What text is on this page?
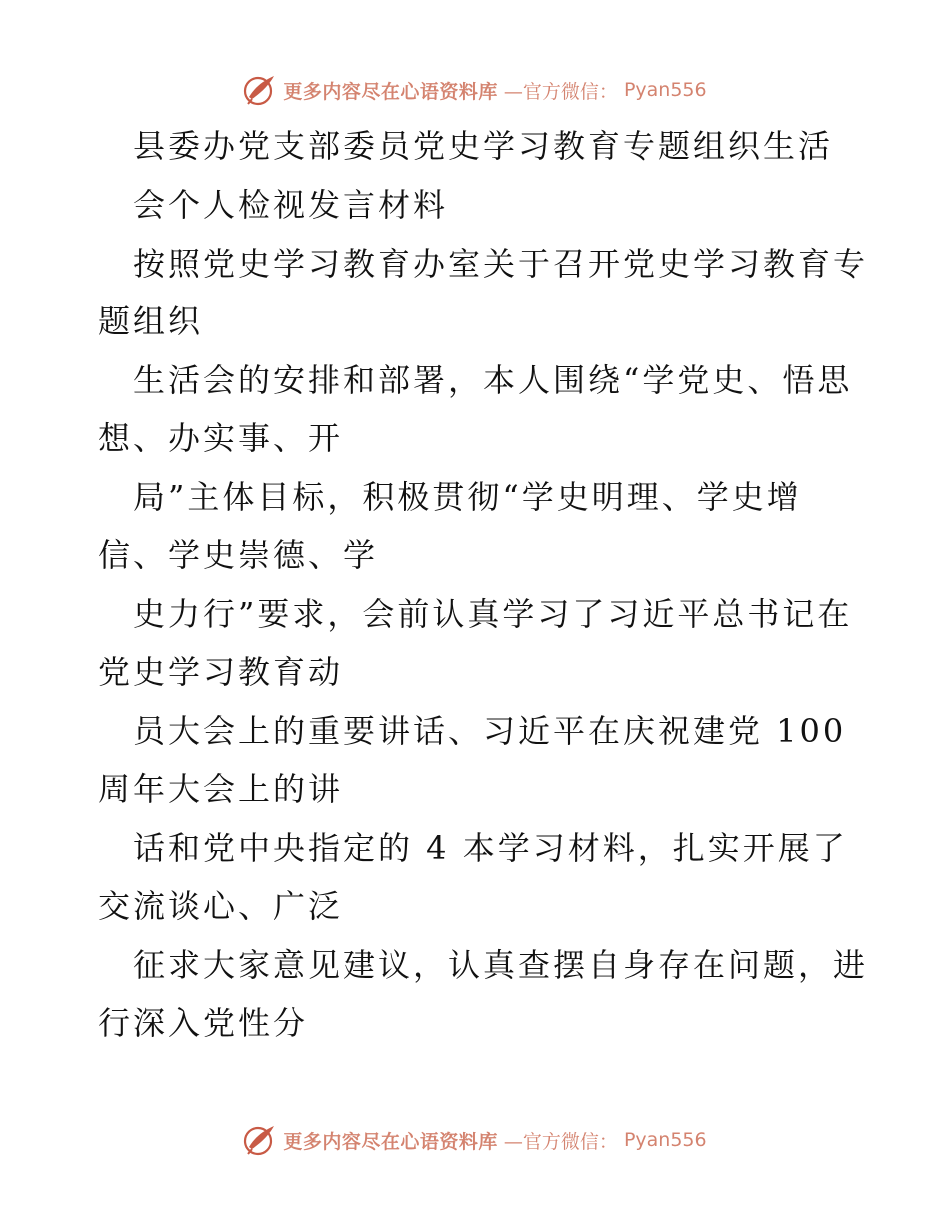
更多内容尽在心语资料库 —官方微信： Pyan556
县委办党支部委员党史学习教育专题组织生活
会个人检视发言材料
按照党史学习教育办室关于召开党史学习教育专
题组织
生活会的安排和部署，本人围绕“学党史、悟思
想、办实事、开
局”主体目标，积极贯彻“学史明理、学史增
信、学史崇德、学
史力行”要求，会前认真学习了习近平总书记在
党史学习教育动
员大会上的重要讲话、习近平在庆祝建党 100
周年大会上的讲
话和党中央指定的 4 本学习材料，扎实开展了
交流谈心、广泛
征求大家意见建议，认真查摆自身存在问题，进
行深入党性分
更多内容尽在心语资料库 —官方微信： Pyan556
